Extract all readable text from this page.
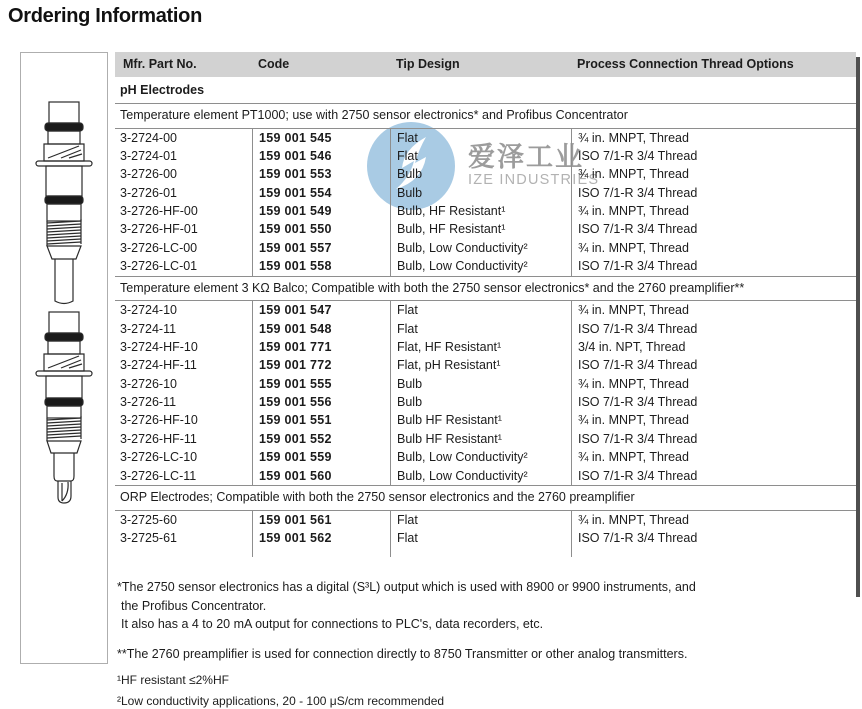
Ordering Information
爱泽工业
IZE INDUSTRIES
Mfr. Part No.	Code	Tip Design	Process Connection Thread Options
pH Electrodes
Temperature element PT1000; use with 2750 sensor electronics* and Profibus Concentrator
3-2724-00	159 001 545	Flat	¾ in. MNPT, Thread
3-2724-01	159 001 546	Flat	ISO 7/1-R 3/4 Thread
3-2726-00	159 001 553	Bulb	¾ in. MNPT, Thread
3-2726-01	159 001 554	Bulb	ISO 7/1-R 3/4 Thread
3-2726-HF-00	159 001 549	Bulb, HF Resistant¹	¾ in. MNPT, Thread
3-2726-HF-01	159 001 550	Bulb, HF Resistant¹	ISO 7/1-R 3/4 Thread
3-2726-LC-00	159 001 557	Bulb, Low Conductivity²	¾ in. MNPT, Thread
3-2726-LC-01	159 001 558	Bulb, Low Conductivity²	ISO 7/1-R 3/4 Thread
Temperature element 3 KΩ Balco; Compatible with both the 2750 sensor electronics* and the 2760 preamplifier**
3-2724-10	159 001 547	Flat	¾ in. MNPT, Thread
3-2724-11	159 001 548	Flat	ISO 7/1-R 3/4 Thread
3-2724-HF-10	159 001 771	Flat, HF Resistant¹	3/4 in. NPT, Thread
3-2724-HF-11	159 001 772	Flat, pH Resistant¹	ISO 7/1-R 3/4 Thread
3-2726-10	159 001 555	Bulb	¾ in. MNPT, Thread
3-2726-11	159 001 556	Bulb	ISO 7/1-R 3/4 Thread
3-2726-HF-10	159 001 551	Bulb HF Resistant¹	¾ in. MNPT, Thread
3-2726-HF-11	159 001 552	Bulb HF Resistant¹	ISO 7/1-R 3/4 Thread
3-2726-LC-10	159 001 559	Bulb, Low Conductivity²	¾ in. MNPT, Thread
3-2726-LC-11	159 001 560	Bulb, Low Conductivity²	ISO 7/1-R 3/4 Thread
ORP Electrodes; Compatible with both the 2750 sensor electronics and the 2760 preamplifier
3-2725-60	159 001 561	Flat	¾ in. MNPT, Thread
3-2725-61	159 001 562	Flat	ISO 7/1-R 3/4 Thread
*The 2750 sensor electronics has a digital (S³L) output which is used with 8900 or 9900 instruments, and
the Profibus Concentrator.
It also has a 4 to 20 mA output for connections to PLC's, data recorders, etc.
**The 2760 preamplifier is used for connection directly to 8750 Transmitter or other analog transmitters.
¹HF resistant ≤2%HF
²Low conductivity applications, 20 - 100 μS/cm recommended
